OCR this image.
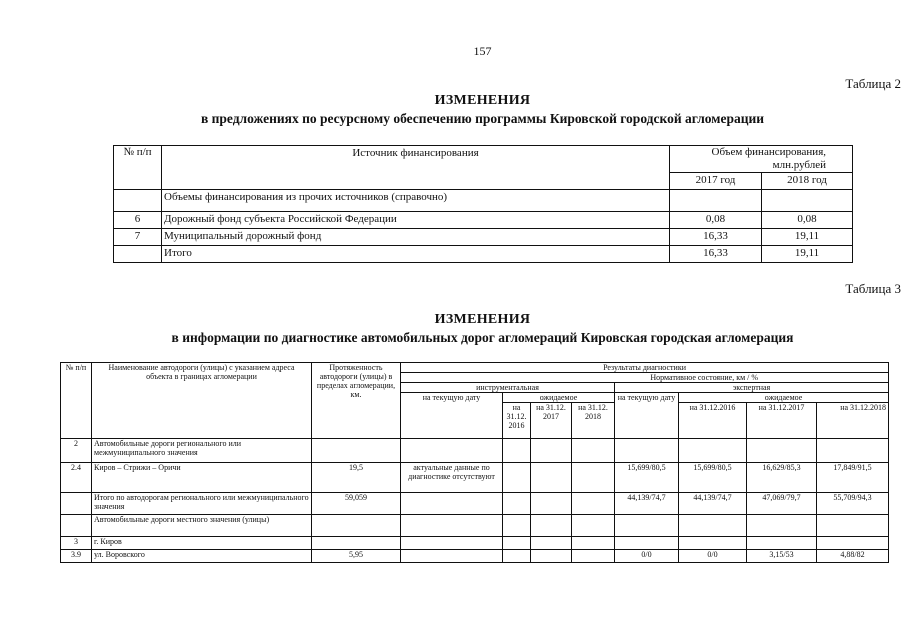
157
Таблица 2
ИЗМЕНЕНИЯ
в предложениях по ресурсному обеспечению программы Кировской городской агломерации
№ п/п	Источник финансирования	Объем финансирования, млн.рублей	
		2017 год	2018 год
	Объемы финансирования из прочих источников (справочно)		
6	Дорожный фонд субъекта Российской Федерации	0,08	0,08
7	Муниципальный дорожный фонд	16,33	19,11
	Итого	16,33	19,11
Таблица 3
ИЗМЕНЕНИЯ
в информации по диагностике автомобильных дорог агломераций Кировская городская агломерация
№ п/п	Наименование автодороги (улицы) с указанием адреса объекта в границах агломерации	Протяженность автодороги (улицы) в пределах агломерации, км.	Результаты диагностики							
			Нормативное состояние, км / %							
			инструментальная				экспертная			
			на текущую дату	ожидаемое			на текущую дату	ожидаемое		
				на 31.12. 2016	на 31.12. 2017	на 31.12. 2018		на 31.12.2016	на 31.12.2017	на 31.12.2018
2	Автомобильные дороги регионального или межмуниципального значения									
2.4	Киров – Стрижи – Оричи	19,5	актуальные данные по диагностике отсутствуют				15,699/80,5	15,699/80,5	16,629/85,3	17,849/91,5
	Итого по автодорогам регионального или межмуниципального значения	59,059					44,139/74,7	44,139/74,7	47,069/79,7	55,709/94,3
	Автомобильные дороги местного значения (улицы)									
3	г. Киров									
3.9	ул. Воровского	5,95					0/0	0/0	3,15/53	4,88/82
